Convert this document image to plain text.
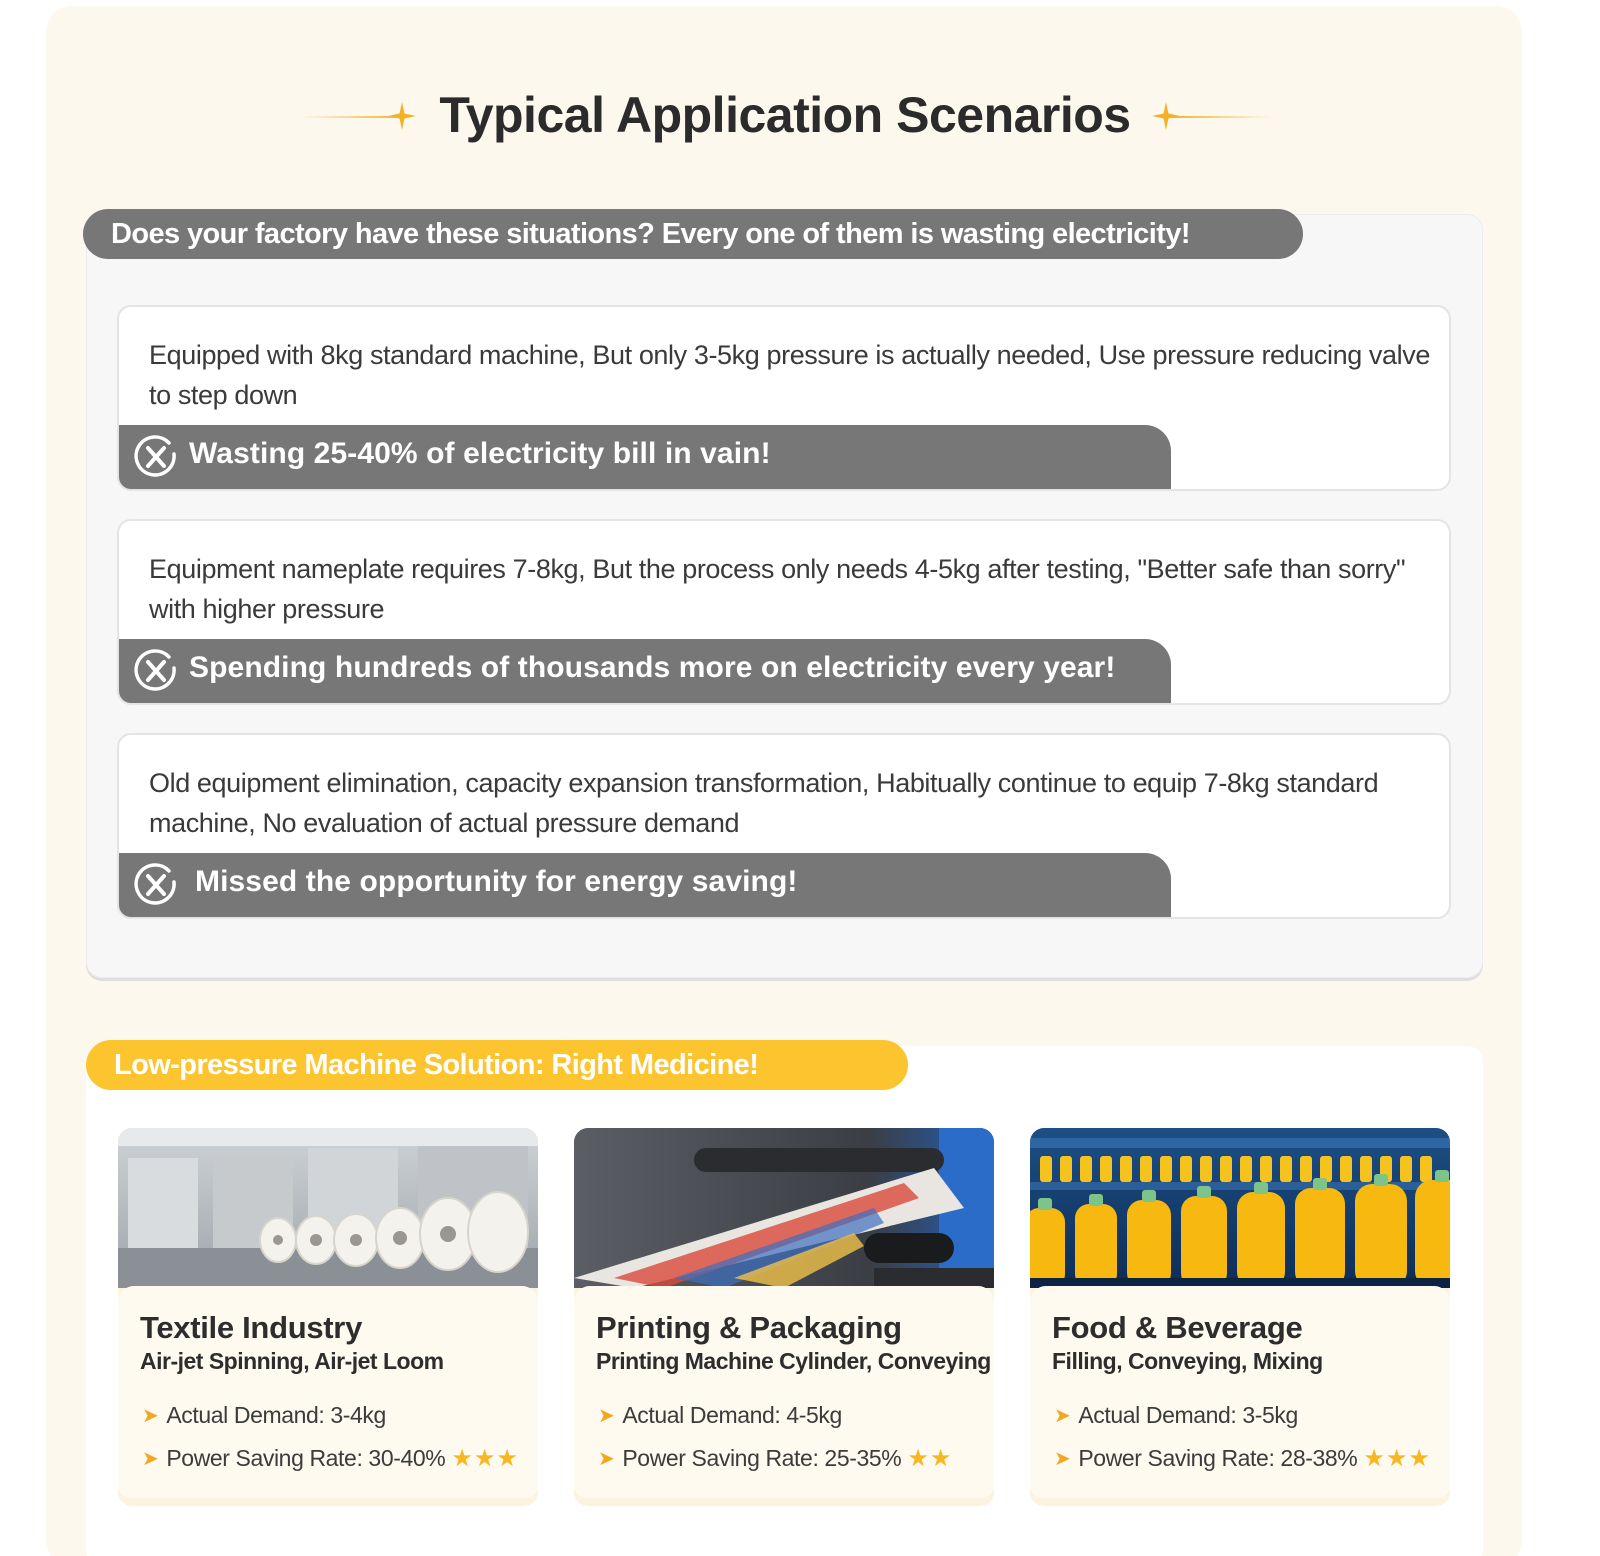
Typical Application Scenarios
Does your factory have these situations? Every one of them is wasting electricity!
Equipped with 8kg standard machine, But only 3-5kg pressure is actually needed, Use pressure reducing valve to step down
Wasting 25-40% of electricity bill in vain!
Equipment nameplate requires 7-8kg, But the process only needs 4-5kg after testing, "Better safe than sorry" with higher pressure
Spending hundreds of thousands more on electricity every year!
Old equipment elimination, capacity expansion transformation, Habitually continue to equip 7-8kg standard machine, No evaluation of actual pressure demand
Missed the opportunity for energy saving!
Low-pressure Machine Solution: Right Medicine!
Textile Industry
Air-jet Spinning, Air-jet Loom
➤ Actual Demand: 3-4kg
➤ Power Saving Rate: 30-40% ★★★
Printing & Packaging
Printing Machine Cylinder, Conveying
➤ Actual Demand: 4-5kg
➤ Power Saving Rate: 25-35% ★★
Food & Beverage
Filling, Conveying, Mixing
➤ Actual Demand: 3-5kg
➤ Power Saving Rate: 28-38% ★★★
